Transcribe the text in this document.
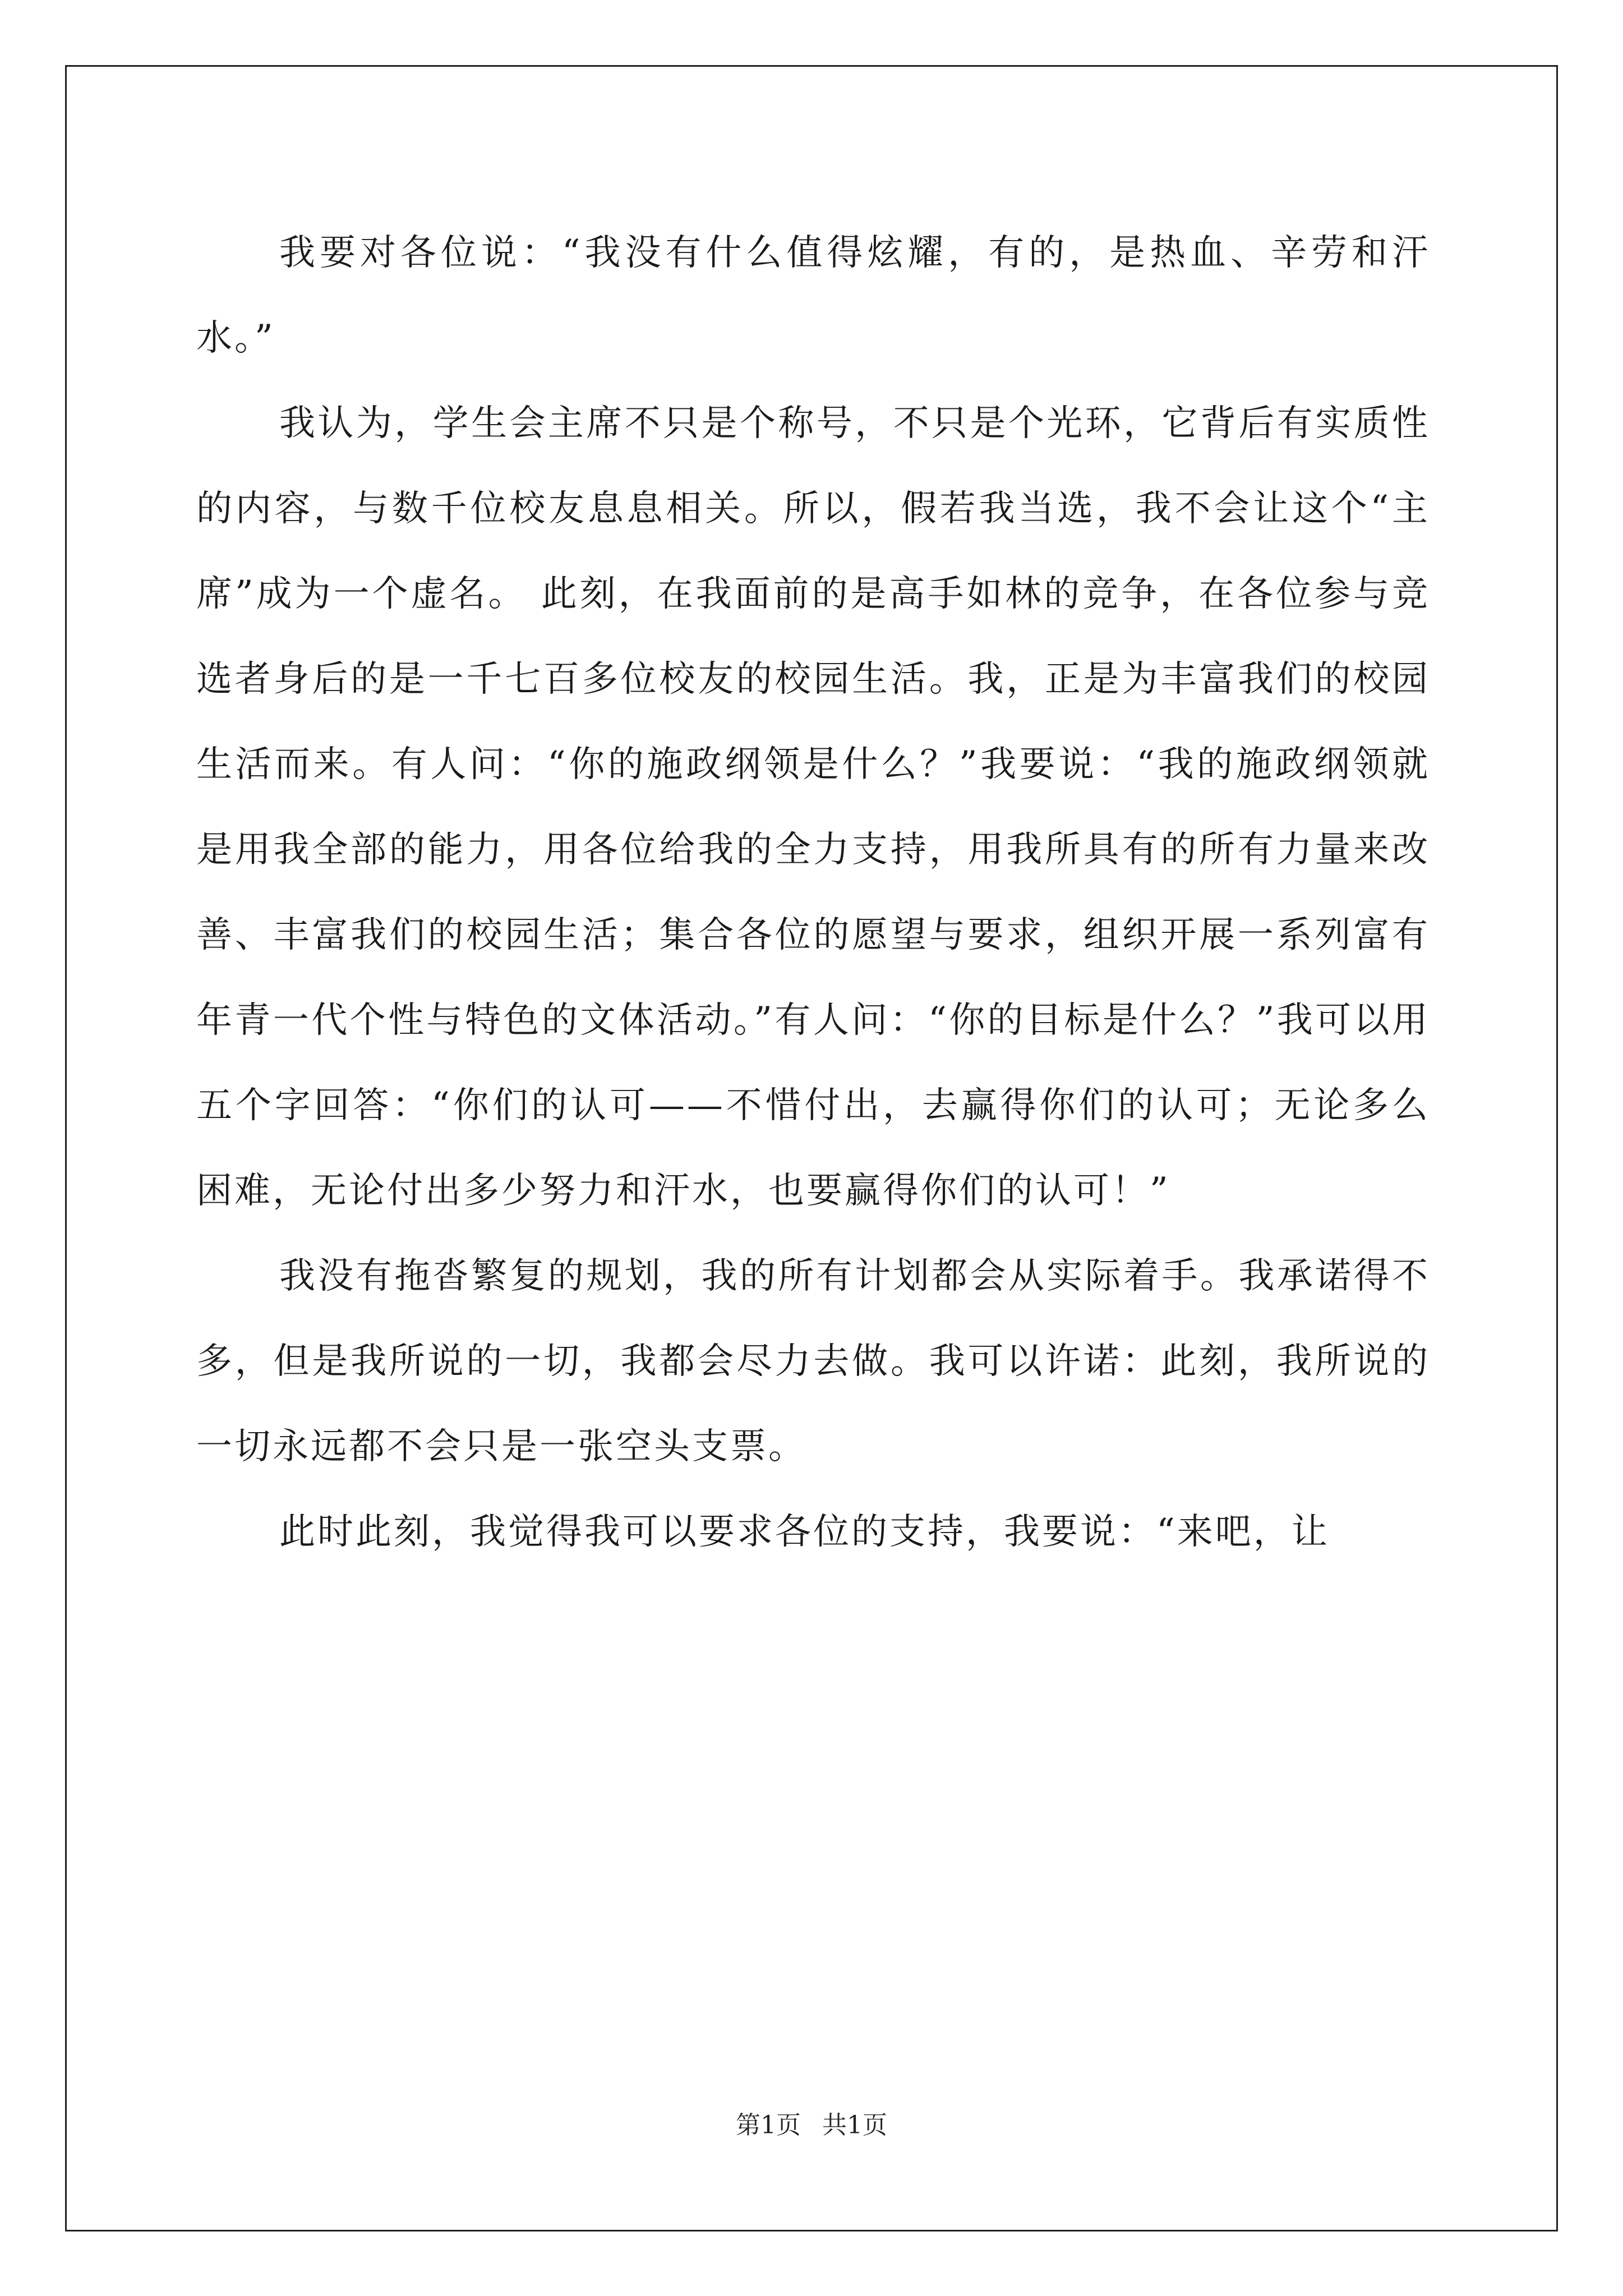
我要对各位说：“我没有什么值得炫耀，有的，是热血、辛劳和汗水。”

我认为，学生会主席不只是个称号，不只是个光环，它背后有实质性的内容，与数千位校友息息相关。所以，假若我当选，我不会让这个“主席”成为一个虚名。 此刻，在我面前的是高手如林的竞争，在各位参与竞选者身后的是一千七百多位校友的校园生活。我，正是为丰富我们的校园生活而来。有人问：“你的施政纲领是什么？”我要说：“我的施政纲领就是用我全部的能力，用各位给我的全力支持，用我所具有的所有力量来改善、丰富我们的校园生活；集合各位的愿望与要求，组织开展一系列富有年青一代个性与特色的文体活动。”有人问：“你的目标是什么？”我可以用五个字回答：“你们的认可——不惜付出，去赢得你们的认可；无论多么困难，无论付出多少努力和汗水，也要赢得你们的认可！”

我没有拖沓繁复的规划，我的所有计划都会从实际着手。我承诺得不多，但是我所说的一切，我都会尽力去做。我可以许诺：此刻，我所说的一切永远都不会只是一张空头支票。

此时此刻，我觉得我可以要求各位的支持，我要说：“来吧，让

第1页 共1页
